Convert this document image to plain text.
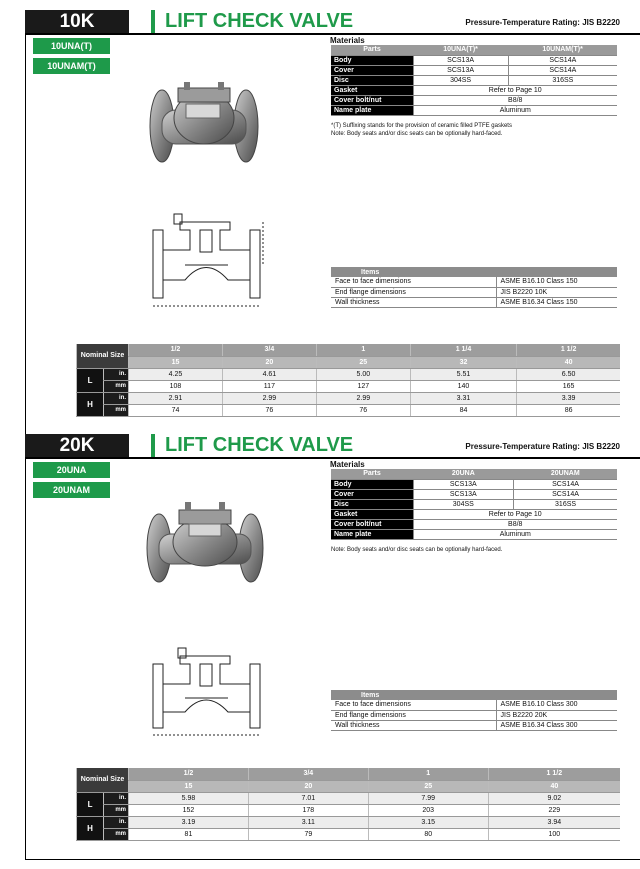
10K	LIFT CHECK VALVE	Pressure-Temperature Rating: JIS B2220
10UNA(T)
10UNAM(T)
Materials
Parts	10UNA(T)*	10UNAM(T)*
Body	SCS13A	SCS14A
Cover	SCS13A	SCS14A
Disc	304SS	316SS
Gasket	Refer to Page 10	
Cover bolt/nut	B8/8	
Name plate	Aluminum	
*(T) Suffixing stands for the provision of ceramic filled PTFE gaskets
Note: Body seats and/or disc seats can be optionally hard-faced.
Items	
Face to face dimensions	ASME B16.10 Class 150
End flange dimensions	JIS B2220 10K
Wall thickness	ASME B16.34 Class 150
Nominal Size		1/2	3/4	1	1 1/4	1 1/2
		15	20	25	32	40
L	in.	4.25	4.61	5.00	5.51	6.50
	mm	108	117	127	140	165
H	in.	2.91	2.99	2.99	3.31	3.39
	mm	74	76	76	84	86
20K	LIFT CHECK VALVE	Pressure-Temperature Rating: JIS B2220
20UNA
20UNAM
Materials
Parts	20UNA	20UNAM
Body	SCS13A	SCS14A
Cover	SCS13A	SCS14A
Disc	304SS	316SS
Gasket	Refer to Page 10	
Cover bolt/nut	B8/8	
Name plate	Aluminum	
Note: Body seats and/or disc seats can be optionally hard-faced.
Items	
Face to face dimensions	ASME B16.10 Class 300
End flange dimensions	JIS B2220 20K
Wall thickness	ASME B16.34 Class 300
Nominal Size		1/2	3/4	1	1 1/2
		15	20	25	40
L	in.	5.98	7.01	7.99	9.02
	mm	152	178	203	229
H	in.	3.19	3.11	3.15	3.94
	mm	81	79	80	100
